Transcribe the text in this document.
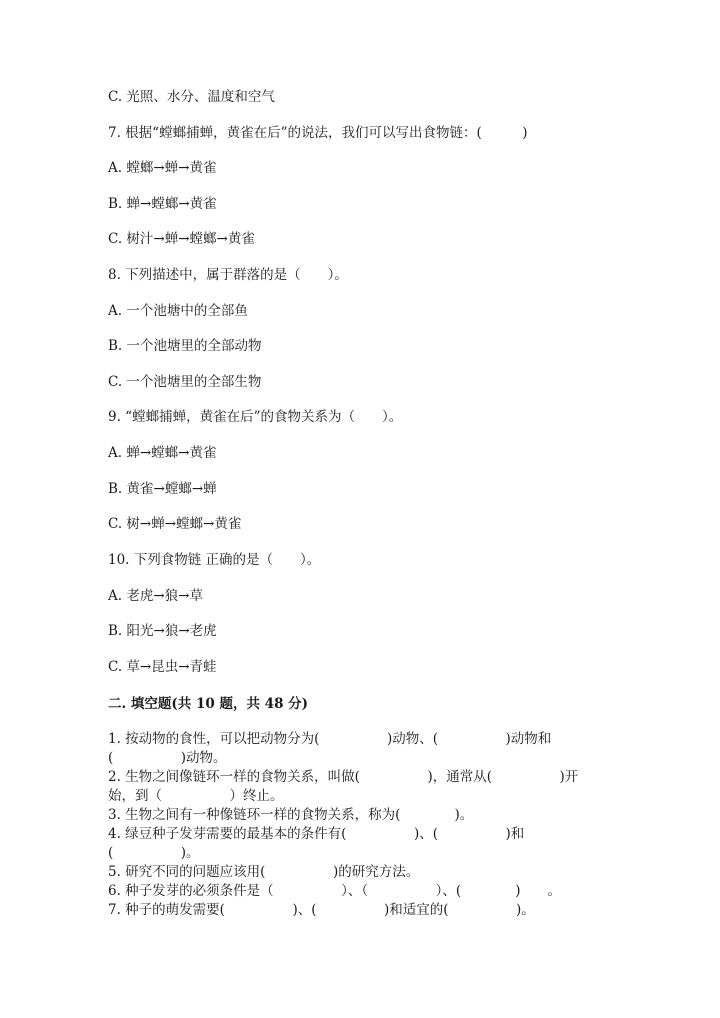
C. 光照、水分、温度和空气
7. 根据“螳螂捕蝉，黄雀在后”的说法，我们可以写出食物链：(　　　)
A. 螳螂→蝉→黄雀
B. 蝉→螳螂→黄雀
C. 树汁→蝉→螳螂→黄雀
8. 下列描述中，属于群落的是（　　）。
A. 一个池塘中的全部鱼
B. 一个池塘里的全部动物
C. 一个池塘里的全部生物
9. “螳螂捕蝉，黄雀在后”的食物关系为（　　）。
A. 蝉→螳螂→黄雀
B. 黄雀→螳螂→蝉
C. 树→蝉→螳螂→黄雀
10. 下列食物链 正确的是（　　）。
A. 老虎→狼→草
B. 阳光→狼→老虎
C. 草→昆虫→青蛙
二. 填空题(共 10 题，共 48 分)
1. 按动物的食性，可以把动物分为(　　　　　)动物、(　　　　　)动物和
(　　　　　)动物。
2. 生物之间像链环一样的食物关系，叫做(　　　　　)，通常从(　　　　　)开
始，到（　　　　　）终止。
3. 生物之间有一种像链环一样的食物关系，称为(　　　　)。
4. 绿豆种子发芽需要的最基本的条件有(　　　　　)、(　　　　　)和
(　　　　　)。
5. 研究不同的问题应该用(　　　　　)的研究方法。
6. 种子发芽的必须条件是（　　　　　）、（　　　　　）、(　　　　)　　。
7. 种子的萌发需要(　　　　　)、(　　　　　)和适宜的(　　　　　)。
